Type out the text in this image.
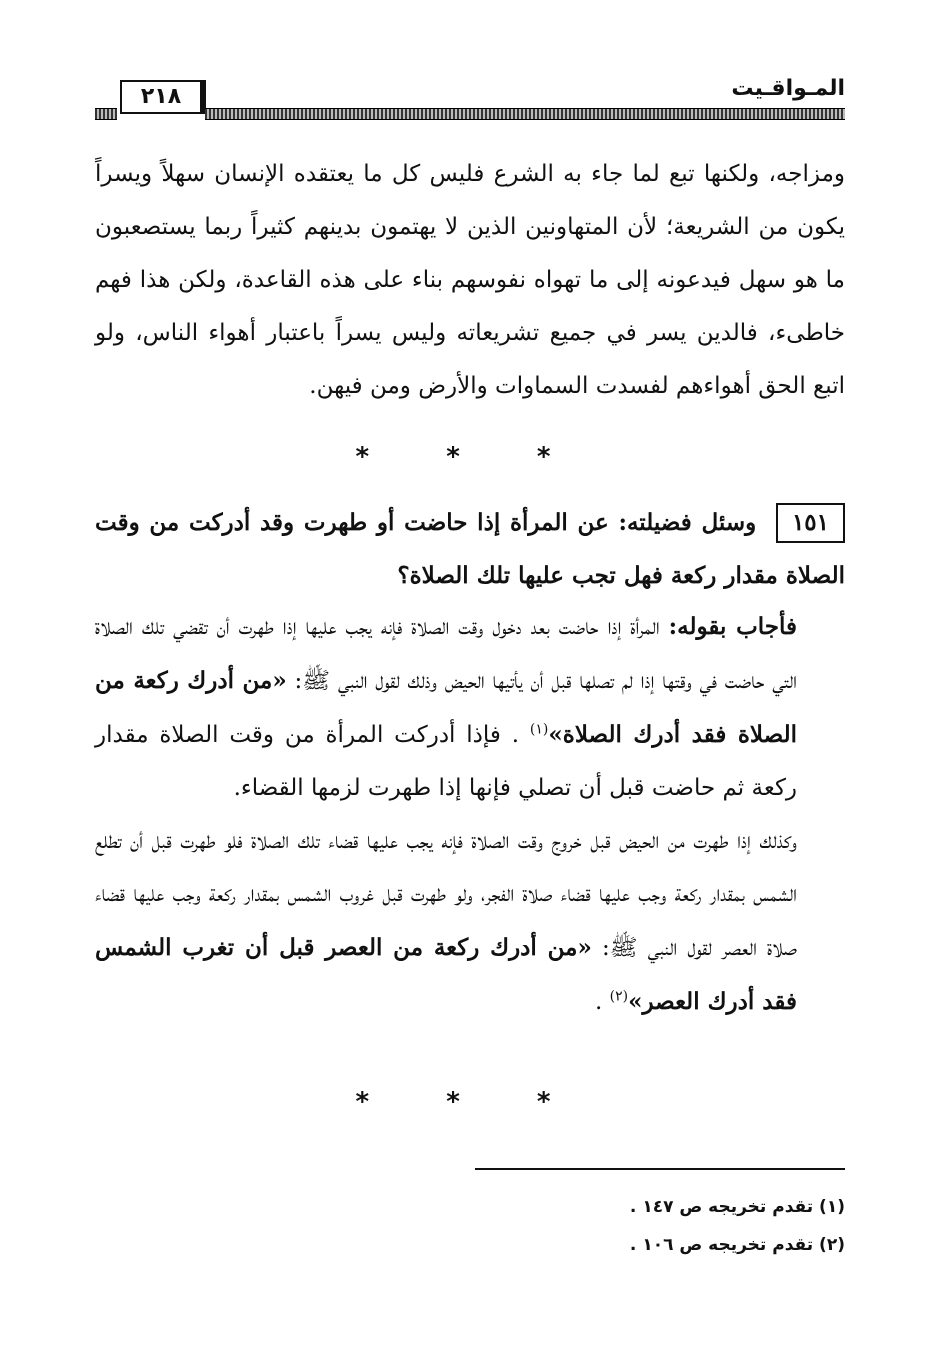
٢١٨	المـواقـيت
ومزاجه، ولكنها تبع لما جاء به الشرع فليس كل ما يعتقده الإنسان سهلاً ويسراً يكون من الشريعة؛ لأن المتهاونين الذين لا يهتمون بدينهم كثيراً ربما يستصعبون ما هو سهل فيدعونه إلى ما تهواه نفوسهم بناء على هذه القاعدة، ولكن هذا فهم خاطىء، فالدين يسر في جميع تشريعاته وليس يسراً باعتبار أهواء الناس، ولو اتبع الحق أهواءهم لفسدت السماوات والأرض ومن فيهن.
* * *
١٥١ وسئل فضيلته: عن المرأة إذا حاضت أو طهرت وقد أدركت من وقت الصلاة مقدار ركعة فهل تجب عليها تلك الصلاة؟
فأجاب بقوله: المرأة إذا حاضت بعد دخول وقت الصلاة فإنه يجب عليها إذا طهرت أن تقضي تلك الصلاة التي حاضت في وقتها إذا لم تصلها قبل أن يأتيها الحيض وذلك لقول النبي ﷺ: «من أدرك ركعة من الصلاة فقد أدرك الصلاة»$^{(١)}$ . فإذا أدركت المرأة من وقت الصلاة مقدار ركعة ثم حاضت قبل أن تصلي فإنها إذا طهرت لزمها القضاء.
وكذلك إذا طهرت من الحيض قبل خروج وقت الصلاة فإنه يجب عليها قضاء تلك الصلاة فلو طهرت قبل أن تطلع الشمس بمقدار ركعة وجب عليها قضاء صلاة الفجر، ولو طهرت قبل غروب الشمس بمقدار ركعة وجب عليها قضاء صلاة العصر لقول النبي ﷺ: «من أدرك ركعة من العصر قبل أن تغرب الشمس فقد أدرك العصر»$^{(٢)}$ .
* * *
(١) تقدم تخريجه ص ١٤٧ .
(٢) تقدم تخريجه ص ١٠٦ .
